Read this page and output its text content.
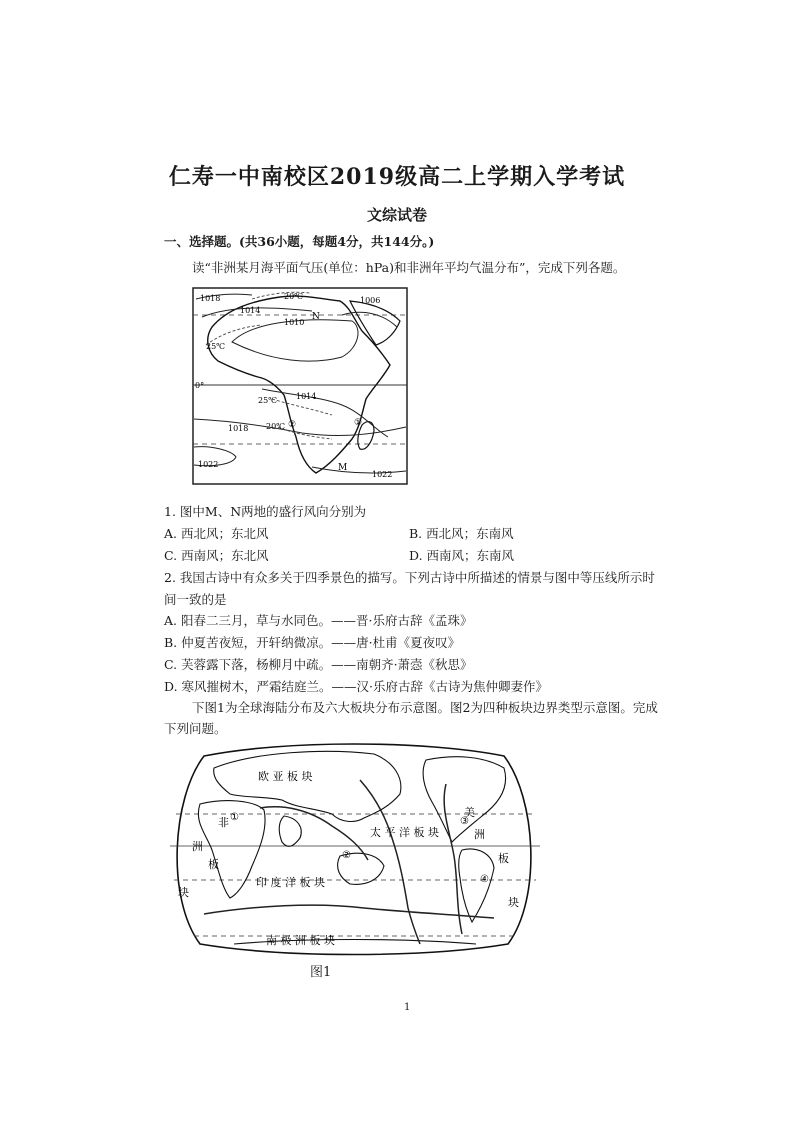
仁寿一中南校区2019级高二上学期入学考试
文综试卷
一、选择题。(共36小题，每题4分，共144分。)
读“非洲某月海平面气压(单位：hPa)和非洲年平均气温分布”，完成下列各题。
1018
1014
20℃
1010
N
1006
25℃
0°
25℃ 1014
1018 20℃ ②	①
1022	M
1022
1. 图中M、N两地的盛行风向分别为
A. 西北风；东北风	B. 西北风；东南风
C. 西南风；东北风	D. 西南风；东南风
2. 我国古诗中有众多关于四季景色的描写。下列古诗中所描述的情景与图中等压线所示时
间一致的是
A. 阳春二三月，草与水同色。——晋·乐府古辞《孟珠》
B. 仲夏苦夜短，开轩纳微凉。——唐·杜甫《夏夜叹》
C. 芙蓉露下落，杨柳月中疏。——南朝齐·萧悫《秋思》
D. 寒风摧树木，严霜结庭兰。——汉·乐府古辞《古诗为焦仲卿妻作》
下图1为全球海陆分布及六大板块分布示意图。图2为四种板块边界类型示意图。完成
下列问题。
欧 亚 板 块
非
洲
板
块
太 平 洋 板 块
印 度 洋 板 块
南 极 洲 板 块
美
洲
板
块
①
②
③
④
图1
1
